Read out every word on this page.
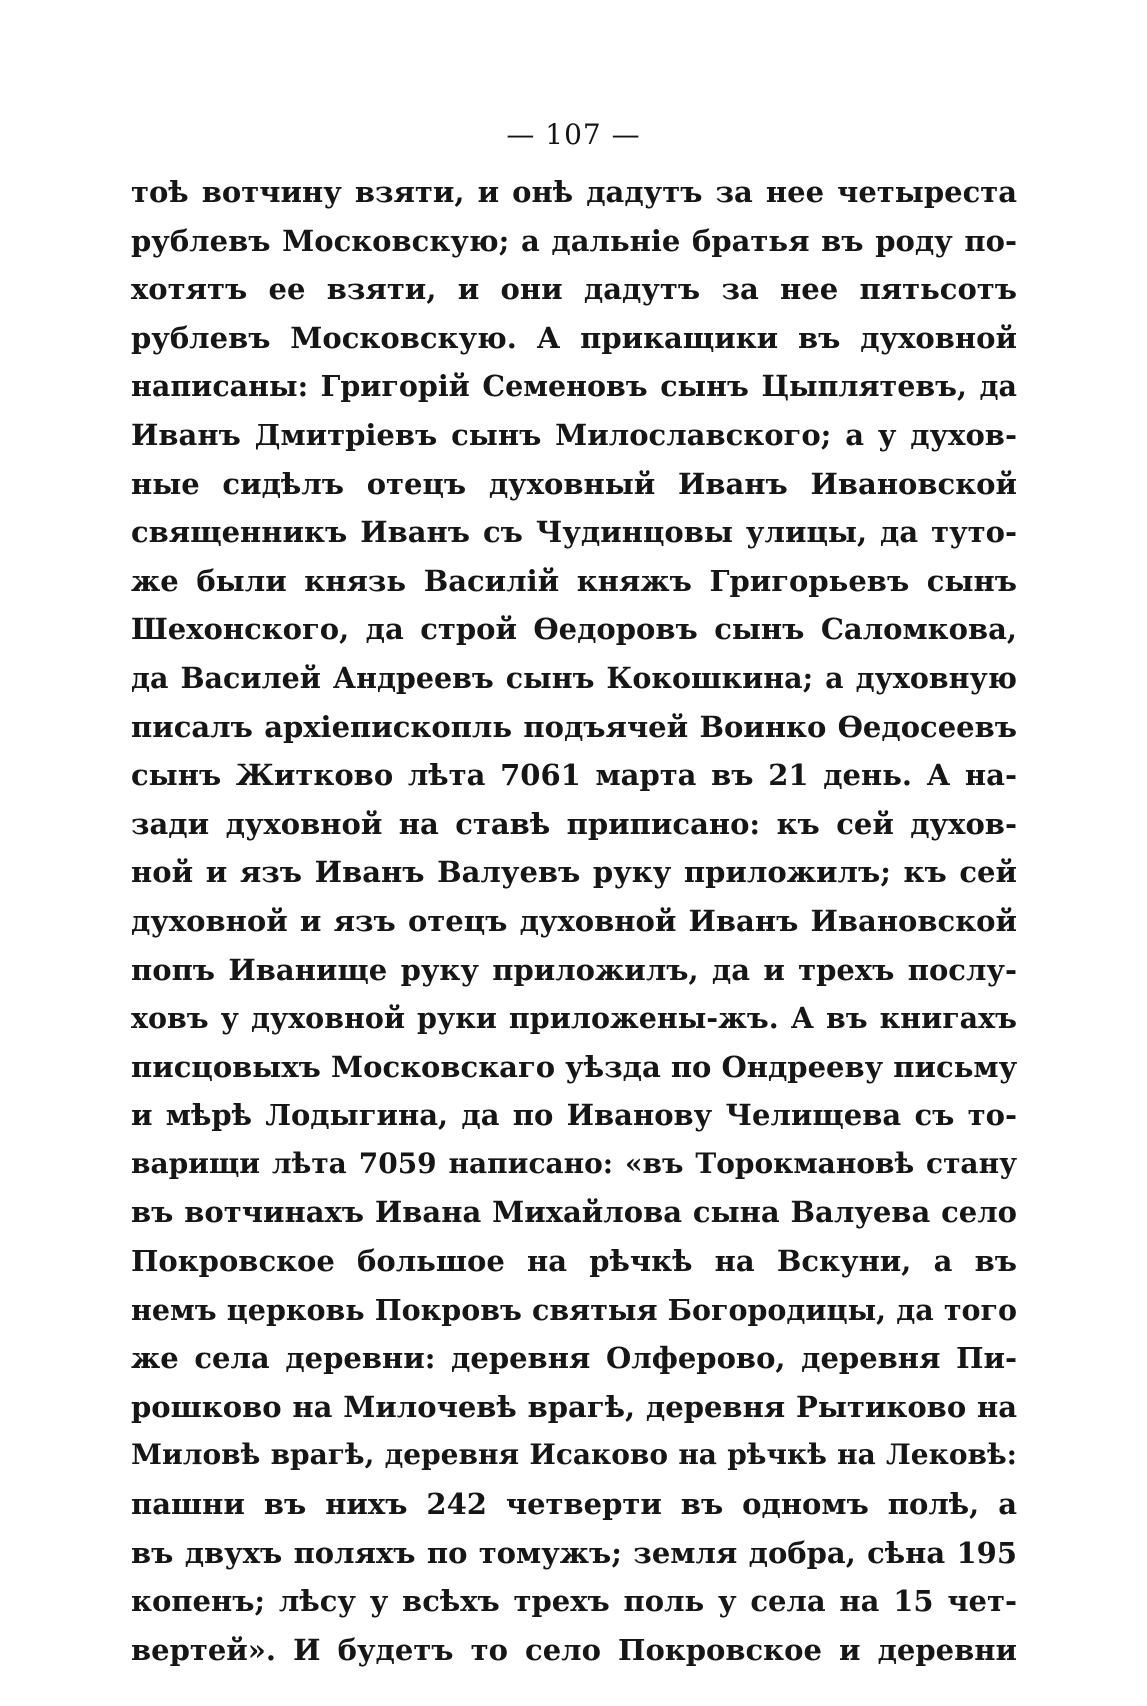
— 107 —
тоѣ вотчину взяти, и онѣ дадутъ за нее четыреста
рублевъ Московскую; а дальніе братья въ роду по-
хотятъ ее взяти, и они дадутъ за нее пятьсотъ
рублевъ Московскую. А прикащики въ духовной
написаны: Григорій Семеновъ сынъ Цыплятевъ, да
Иванъ Дмитріевъ сынъ Милославского; а у духов-
ные сидѣлъ отецъ духовный Иванъ Ивановской
священникъ Иванъ съ Чудинцовы улицы, да туто-
же были князь Василій княжъ Григорьевъ сынъ
Шехонского, да строй Өедоровъ сынъ Саломкова,
да Василей Андреевъ сынъ Кокошкина; а духовную
писалъ архіепископль подъячей Воинко Өедосеевъ
сынъ Житково лѣта 7061 марта въ 21 день. А на-
зади духовной на ставѣ приписано: къ сей духов-
ной и язъ Иванъ Валуевъ руку приложилъ; къ сей
духовной и язъ отецъ духовной Иванъ Ивановской
попъ Иванище руку приложилъ, да и трехъ послу-
ховъ у духовной руки приложены-жъ. А въ книгахъ
писцовыхъ Московскаго уѣзда по Ондрееву письму
и мѣрѣ Лодыгина, да по Иванову Челищева съ то-
варищи лѣта 7059 написано: «въ Торокмановѣ стану
въ вотчинахъ Ивана Михайлова сына Валуева село
Покровское большое на рѣчкѣ на Вскуни, а въ
немъ церковь Покровъ святыя Богородицы, да того
же села деревни: деревня Олферово, деревня Пи-
рошково на Милочевѣ врагѣ, деревня Рытиково на
Миловѣ врагѣ, деревня Исаково на рѣчкѣ на Лековѣ:
пашни въ нихъ 242 четверти въ одномъ полѣ, а
въ двухъ поляхъ по томужъ; земля добра, сѣна 195
копенъ; лѣсу у всѣхъ трехъ поль у села на 15 чет-
вертей». И будетъ то село Покровское и деревни
